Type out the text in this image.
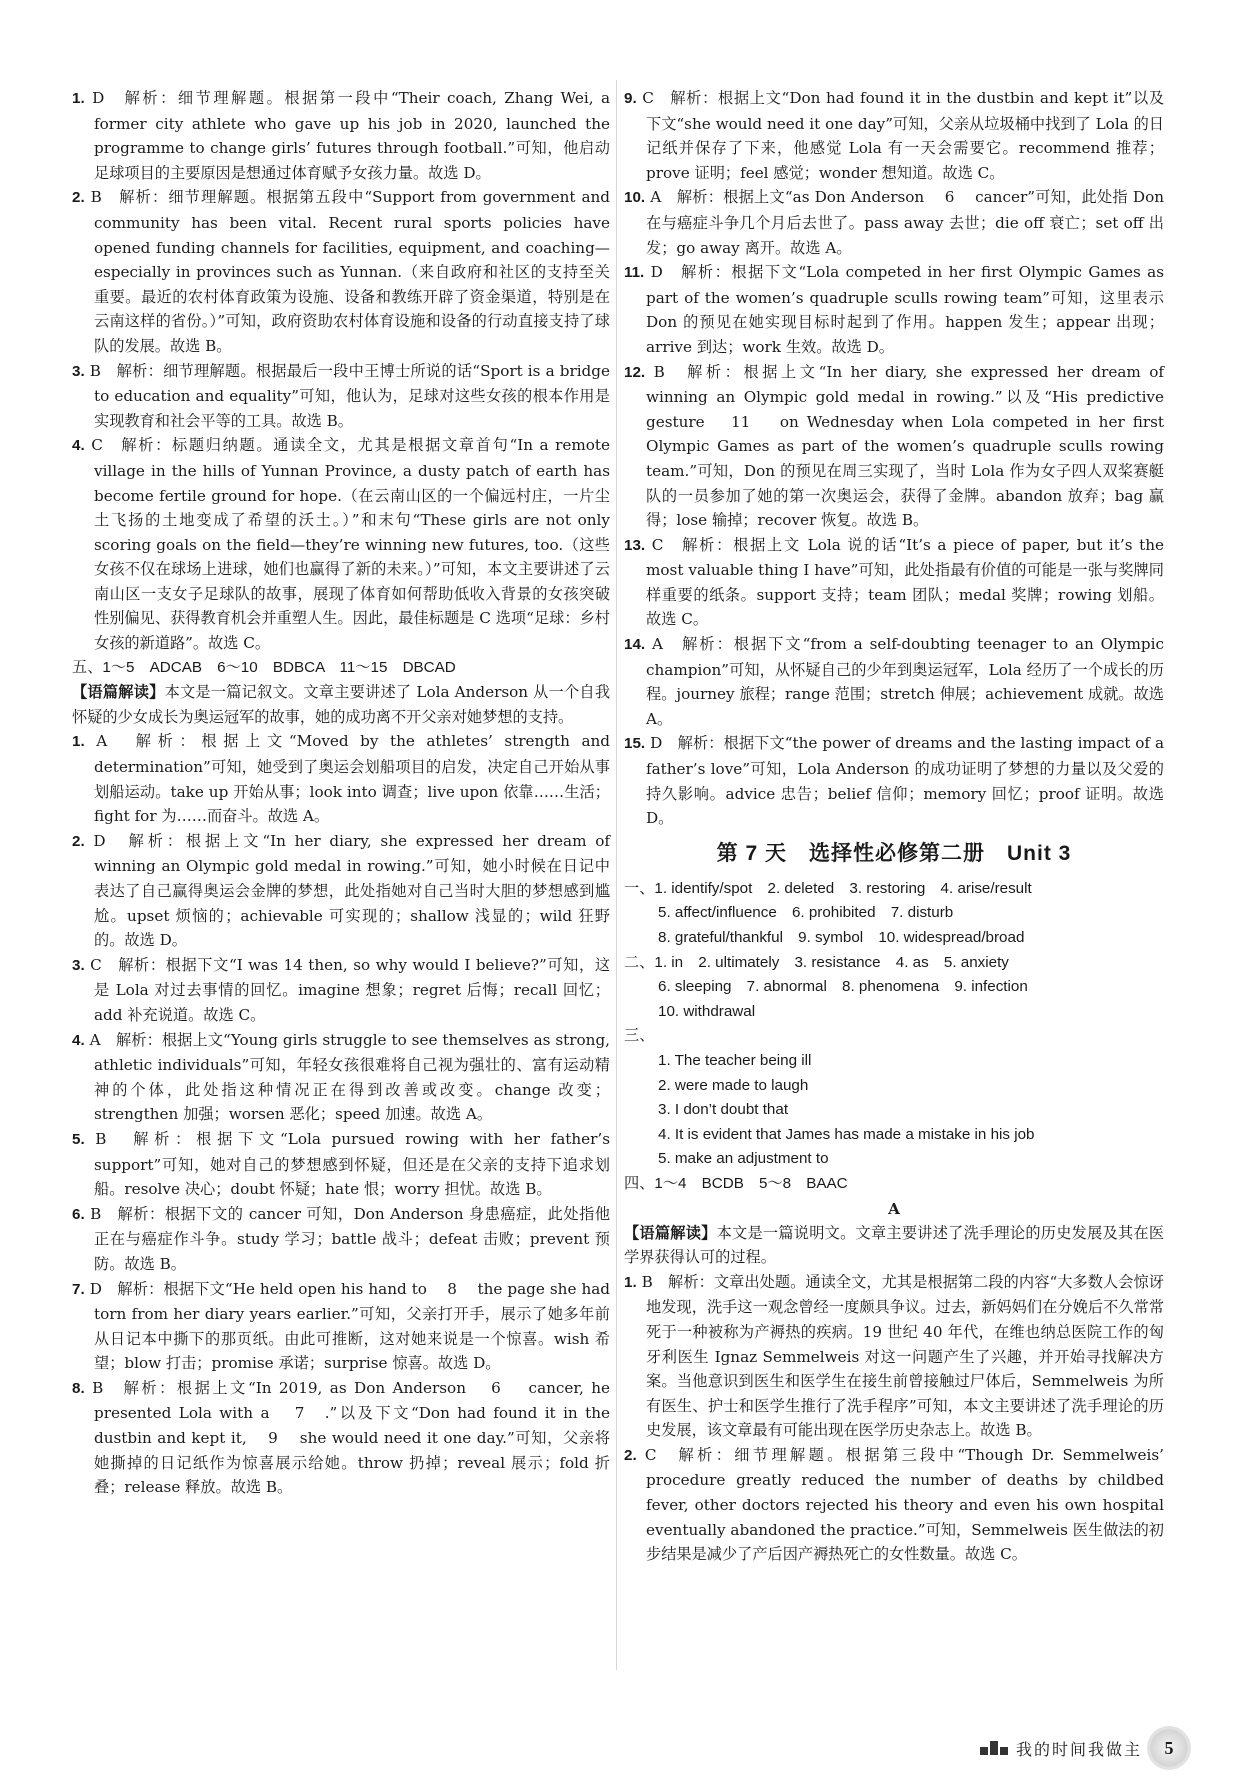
1. D　解析：细节理解题。根据第一段中“Their coach, Zhang Wei, a former city athlete who gave up his job in 2020, launched the programme to change girls’ futures through football.”可知，他启动足球项目的主要原因是想通过体育赋予女孩力量。故选 D。

2. B　解析：细节理解题。根据第五段中“Support from government and community has been vital. Recent rural sports policies have opened funding channels for facilities, equipment, and coaching—especially in provinces such as Yunnan.（来自政府和社区的支持至关重要。最近的农村体育政策为设施、设备和教练开辟了资金渠道，特别是在云南这样的省份。）”可知，政府资助农村体育设施和设备的行动直接支持了球队的发展。故选 B。

3. B　解析：细节理解题。根据最后一段中王博士所说的话“Sport is a bridge to education and equality”可知，他认为，足球对这些女孩的根本作用是实现教育和社会平等的工具。故选 B。

4. C　解析：标题归纳题。通读全文，尤其是根据文章首句“In a remote village in the hills of Yunnan Province, a dusty patch of earth has become fertile ground for hope.（在云南山区的一个偏远村庄，一片尘土飞扬的土地变成了希望的沃土。）”和末句“These girls are not only scoring goals on the field—they’re winning new futures, too.（这些女孩不仅在球场上进球，她们也赢得了新的未来。）”可知，本文主要讲述了云南山区一支女子足球队的故事，展现了体育如何帮助低收入背景的女孩突破性别偏见、获得教育机会并重塑人生。因此，最佳标题是 C 选项“足球：乡村女孩的新道路”。故选 C。

五、1～5　ADCAB　6～10　BDBCA　11～15　DBCAD

【语篇解读】本文是一篇记叙文。文章主要讲述了 Lola Anderson 从一个自我怀疑的少女成长为奥运冠军的故事，她的成功离不开父亲对她梦想的支持。

1. A　解析：根据上文“Moved by the athletes’ strength and determination”可知，她受到了奥运会划船项目的启发，决定自己开始从事划船运动。take up 开始从事；look into 调查；live upon 依靠……生活；fight for 为……而奋斗。故选 A。

2. D　解析：根据上文“In her diary, she expressed her dream of winning an Olympic gold medal in rowing.”可知，她小时候在日记中表达了自己赢得奥运会金牌的梦想，此处指她对自己当时大胆的梦想感到尴尬。upset 烦恼的；achievable 可实现的；shallow 浅显的；wild 狂野的。故选 D。

3. C　解析：根据下文“I was 14 then, so why would I believe?”可知，这是 Lola 对过去事情的回忆。imagine 想象；regret 后悔；recall 回忆；add 补充说道。故选 C。

4. A　解析：根据上文“Young girls struggle to see themselves as strong, athletic individuals”可知，年轻女孩很难将自己视为强壮的、富有运动精神的个体，此处指这种情况正在得到改善或改变。change 改变；strengthen 加强；worsen 恶化；speed 加速。故选 A。

5. B　解析：根据下文“Lola pursued rowing with her father’s support”可知，她对自己的梦想感到怀疑，但还是在父亲的支持下追求划船。resolve 决心；doubt 怀疑；hate 恨；worry 担忧。故选 B。

6. B　解析：根据下文的 cancer 可知，Don Anderson 身患癌症，此处指他正在与癌症作斗争。study 学习；battle 战斗；defeat 击败；prevent 预防。故选 B。

7. D　解析：根据下文“He held open his hand to 　8　 the page she had torn from her diary years earlier.”可知，父亲打开手，展示了她多年前从日记本中撕下的那页纸。由此可推断，这对她来说是一个惊喜。wish 希望；blow 打击；promise 承诺；surprise 惊喜。故选 D。

8. B　解析：根据上文“In 2019, as Don Anderson 　6　 cancer, he presented Lola with a 　7　.”以及下文“Don had found it in the dustbin and kept it, 　9　 she would need it one day.”可知，父亲将她撕掉的日记纸作为惊喜展示给她。throw 扔掉；reveal 展示；fold 折叠；release 释放。故选 B。

9. C　解析：根据上文“Don had found it in the dustbin and kept it”以及下文“she would need it one day”可知，父亲从垃圾桶中找到了 Lola 的日记纸并保存了下来，他感觉 Lola 有一天会需要它。recommend 推荐；prove 证明；feel 感觉；wonder 想知道。故选 C。

10. A　解析：根据上文“as Don Anderson 　6　 cancer”可知，此处指 Don 在与癌症斗争几个月后去世了。pass away 去世；die off 衰亡；set off 出发；go away 离开。故选 A。

11. D　解析：根据下文“Lola competed in her first Olympic Games as part of the women’s quadruple sculls rowing team”可知，这里表示 Don 的预见在她实现目标时起到了作用。happen 发生；appear 出现；arrive 到达；work 生效。故选 D。

12. B　解析：根据上文“In her diary, she expressed her dream of winning an Olympic gold medal in rowing.”以及“His predictive gesture 　11　 on Wednesday when Lola competed in her first Olympic Games as part of the women’s quadruple sculls rowing team.”可知，Don 的预见在周三实现了，当时 Lola 作为女子四人双桨赛艇队的一员参加了她的第一次奥运会，获得了金牌。abandon 放弃；bag 赢得；lose 输掉；recover 恢复。故选 B。

13. C　解析：根据上文 Lola 说的话“It’s a piece of paper, but it’s the most valuable thing I have”可知，此处指最有价值的可能是一张与奖牌同样重要的纸条。support 支持；team 团队；medal 奖牌；rowing 划船。故选 C。

14. A　解析：根据下文“from a self-doubting teenager to an Olympic champion”可知，从怀疑自己的少年到奥运冠军，Lola 经历了一个成长的历程。journey 旅程；range 范围；stretch 伸展；achievement 成就。故选 A。

15. D　解析：根据下文“the power of dreams and the lasting impact of a father’s love”可知，Lola Anderson 的成功证明了梦想的力量以及父爱的持久影响。advice 忠告；belief 信仰；memory 回忆；proof 证明。故选 D。

第 7 天　选择性必修第二册　Unit 3

一、1. identify/spot　2. deleted　3. restoring　4. arise/result

5. affect/influence　6. prohibited　7. disturb

8. grateful/thankful　9. symbol　10. widespread/broad

二、1. in　2. ultimately　3. resistance　4. as　5. anxiety

6. sleeping　7. abnormal　8. phenomena　9. infection

10. withdrawal

三、

1. The teacher being ill

2. were made to laugh

3. I don’t doubt that

4. It is evident that James has made a mistake in his job

5. make an adjustment to

四、1～4　BCDB　5～8　BAAC

A

【语篇解读】本文是一篇说明文。文章主要讲述了洗手理论的历史发展及其在医学界获得认可的过程。

1. B　解析：文章出处题。通读全文，尤其是根据第二段的内容“大多数人会惊讶地发现，洗手这一观念曾经一度颇具争议。过去，新妈妈们在分娩后不久常常死于一种被称为产褥热的疾病。19 世纪 40 年代，在维也纳总医院工作的匈牙利医生 Ignaz Semmelweis 对这一问题产生了兴趣，并开始寻找解决方案。当他意识到医生和医学生在接生前曾接触过尸体后，Semmelweis 为所有医生、护士和医学生推行了洗手程序”可知，本文主要讲述了洗手理论的历史发展，该文章最有可能出现在医学历史杂志上。故选 B。

2. C　解析：细节理解题。根据第三段中“Though Dr. Semmelweis’ procedure greatly reduced the number of deaths by childbed fever, other doctors rejected his theory and even his own hospital eventually abandoned the practice.”可知，Semmelweis 医生做法的初步结果是减少了产后因产褥热死亡的女性数量。故选 C。

我的时间我做主	5
